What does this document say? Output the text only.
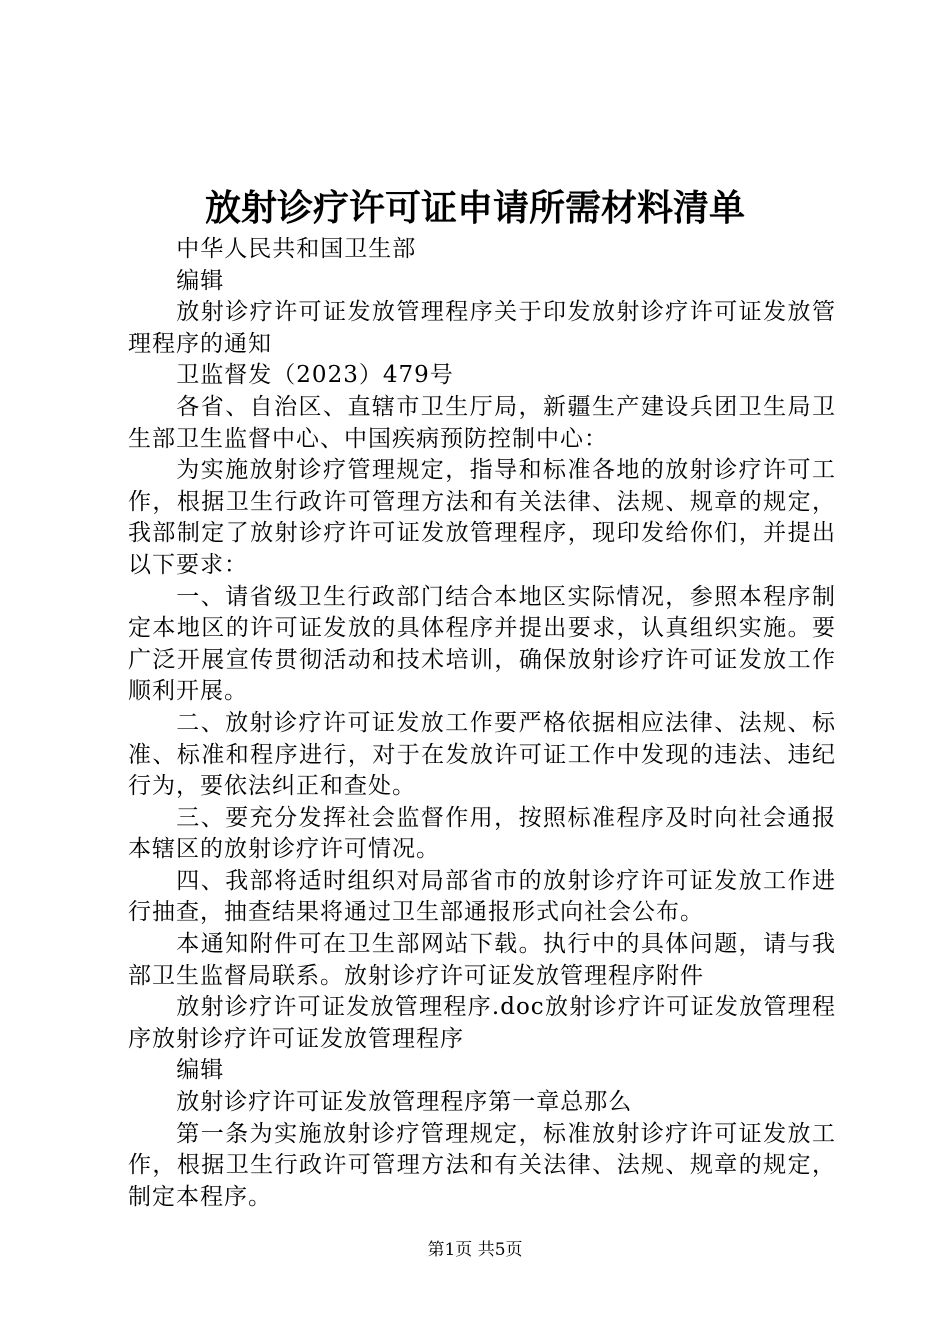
放射诊疗许可证申请所需材料清单

中华人民共和国卫生部

编辑

放射诊疗许可证发放管理程序关于印发放射诊疗许可证发放管理程序的通知

卫监督发（2023）479号

各省、自治区、直辖市卫生厅局，新疆生产建设兵团卫生局卫生部卫生监督中心、中国疾病预防控制中心：

为实施放射诊疗管理规定，指导和标准各地的放射诊疗许可工作，根据卫生行政许可管理方法和有关法律、法规、规章的规定，我部制定了放射诊疗许可证发放管理程序，现印发给你们，并提出以下要求：

一、请省级卫生行政部门结合本地区实际情况，参照本程序制定本地区的许可证发放的具体程序并提出要求，认真组织实施。要广泛开展宣传贯彻活动和技术培训，确保放射诊疗许可证发放工作顺利开展。

二、放射诊疗许可证发放工作要严格依据相应法律、法规、标准、标准和程序进行，对于在发放许可证工作中发现的违法、违纪行为，要依法纠正和查处。

三、要充分发挥社会监督作用，按照标准程序及时向社会通报本辖区的放射诊疗许可情况。

四、我部将适时组织对局部省市的放射诊疗许可证发放工作进行抽查，抽查结果将通过卫生部通报形式向社会公布。

本通知附件可在卫生部网站下载。执行中的具体问题，请与我部卫生监督局联系。放射诊疗许可证发放管理程序附件

放射诊疗许可证发放管理程序.doc放射诊疗许可证发放管理程序放射诊疗许可证发放管理程序

编辑

放射诊疗许可证发放管理程序第一章总那么

第一条为实施放射诊疗管理规定，标准放射诊疗许可证发放工作，根据卫生行政许可管理方法和有关法律、法规、规章的规定，制定本程序。

第1页 共5页
